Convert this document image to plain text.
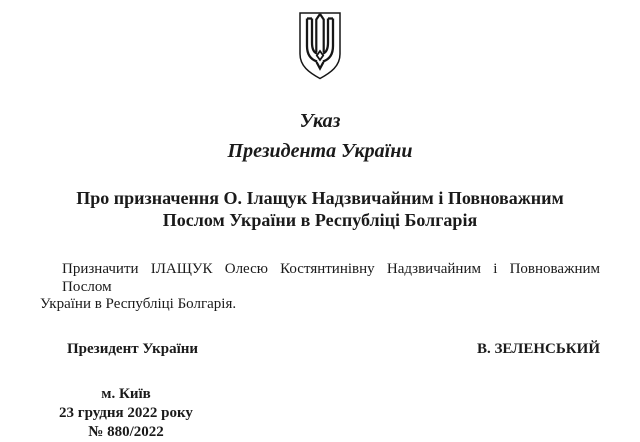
Указ
Президента України
Про призначення О. Ілащук Надзвичайним і Повноважним
Послом України в Республіці Болгарія
Призначити ІЛАЩУК Олесю Костянтинівну Надзвичайним і Повноважним Послом
України в Республіці Болгарія.
Президент України	В. ЗЕЛЕНСЬКИЙ
м. Київ
23 грудня 2022 року
№ 880/2022
